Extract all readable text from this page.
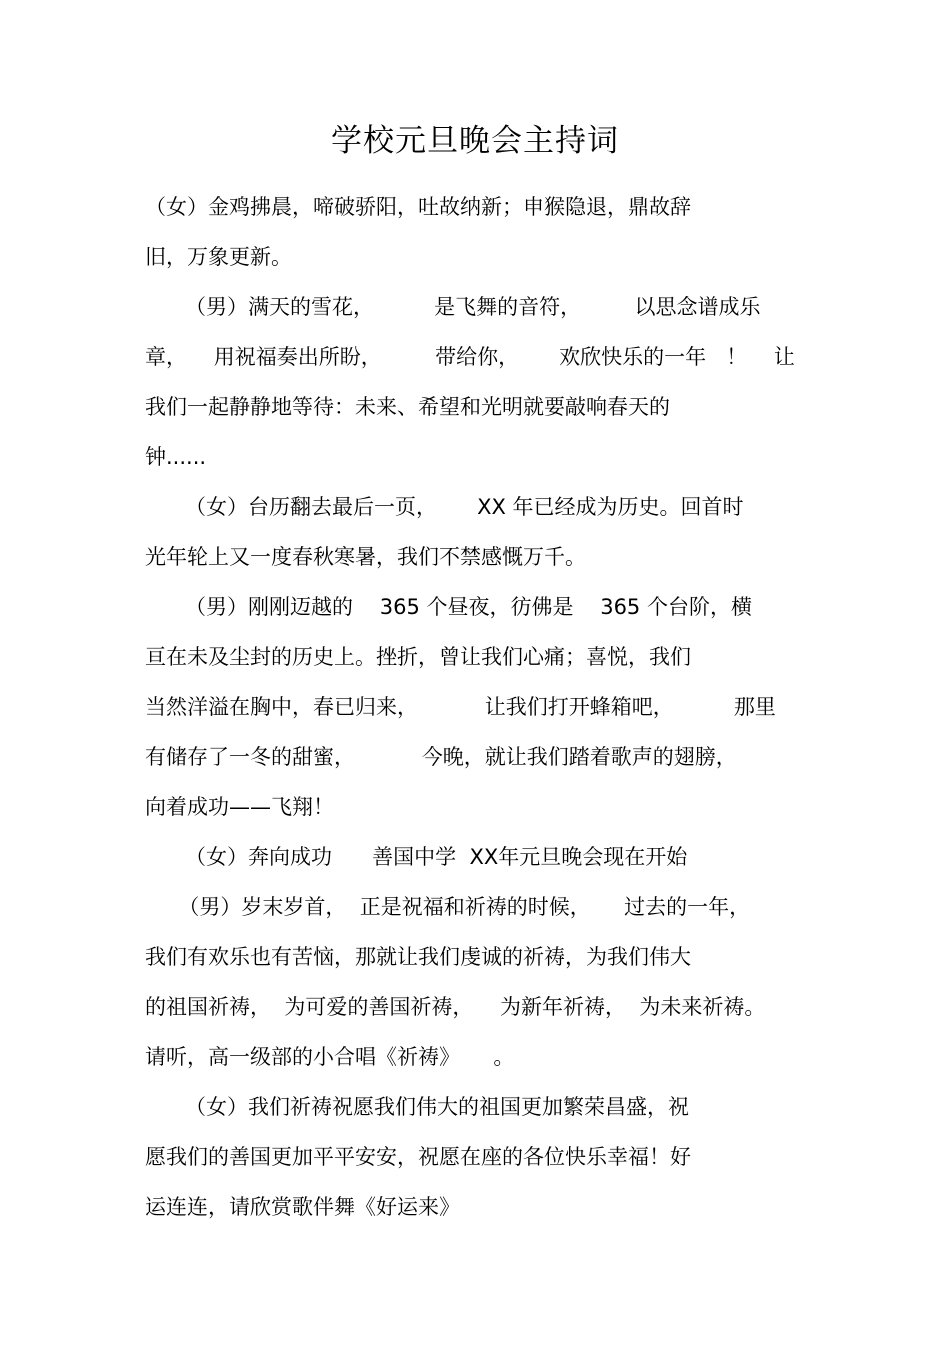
学校元旦晚会主持词
（女）金鸡拂晨，啼破骄阳，吐故纳新；申猴隐退，鼎故辞
旧，万象更新。
（男）满天的雪花，         是飞舞的音符，        以思念谱成乐
章，    用祝福奏出所盼，        带给你，      欢欣快乐的一年   ！    让
我们一起静静地等待：未来、希望和光明就要敲响春天的
钟......
（女）台历翻去最后一页，      XX 年已经成为历史。回首时
光年轮上又一度春秋寒暑，我们不禁感慨万千。
（男）刚刚迈越的    365 个昼夜，彷佛是    365 个台阶，横
亘在未及尘封的历史上。挫折，曾让我们心痛；喜悦，我们
当然洋溢在胸中，春已归来，          让我们打开蜂箱吧，         那里
有储存了一冬的甜蜜，          今晚，就让我们踏着歌声的翅膀，
向着成功——飞翔！
（女）奔向成功      善国中学  XX年元旦晚会现在开始
（男）岁末岁首，  正是祝福和祈祷的时候，     过去的一年，
我们有欢乐也有苦恼，那就让我们虔诚的祈祷，为我们伟大
的祖国祈祷，  为可爱的善国祈祷，    为新年祈祷，  为未来祈祷。
请听，高一级部的小合唱《祈祷》     。
（女）我们祈祷祝愿我们伟大的祖国更加繁荣昌盛，祝
愿我们的善国更加平平安安，祝愿在座的各位快乐幸福！好
运连连，请欣赏歌伴舞《好运来》
